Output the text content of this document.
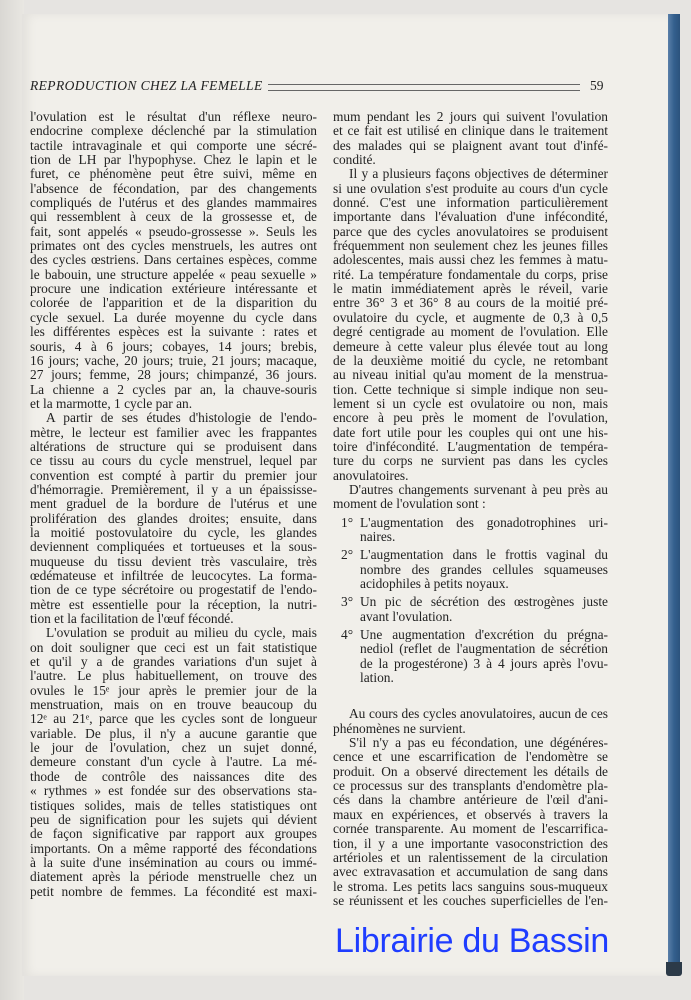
REPRODUCTION CHEZ LA FEMELLE	59
l'ovulation est le résultat d'un réflexe neuro-
endocrine complexe déclenché par la stimulation
tactile intravaginale et qui comporte une sécré-
tion de LH par l'hypophyse. Chez le lapin et le
furet, ce phénomène peut être suivi, même en
l'absence de fécondation, par des changements
compliqués de l'utérus et des glandes mammaires
qui ressemblent à ceux de la grossesse et, de
fait, sont appelés « pseudo-grossesse ». Seuls les
primates ont des cycles menstruels, les autres ont
des cycles œstriens. Dans certaines espèces, comme
le babouin, une structure appelée « peau sexuelle »
procure une indication extérieure intéressante et
colorée de l'apparition et de la disparition du
cycle sexuel. La durée moyenne du cycle dans
les différentes espèces est la suivante : rates et
souris, 4 à 6 jours; cobayes, 14 jours; brebis,
16 jours; vache, 20 jours; truie, 21 jours; macaque,
27 jours; femme, 28 jours; chimpanzé, 36 jours.
La chienne a 2 cycles par an, la chauve-souris
et la marmotte, 1 cycle par an.
A partir de ses études d'histologie de l'endo-
mètre, le lecteur est familier avec les frappantes
altérations de structure qui se produisent dans
ce tissu au cours du cycle menstruel, lequel par
convention est compté à partir du premier jour
d'hémorragie. Premièrement, il y a un épaississe-
ment graduel de la bordure de l'utérus et une
prolifération des glandes droites; ensuite, dans
la moitié postovulatoire du cycle, les glandes
deviennent compliquées et tortueuses et la sous-
muqueuse du tissu devient très vasculaire, très
œdémateuse et infiltrée de leucocytes. La forma-
tion de ce type sécrétoire ou progestatif de l'endo-
mètre est essentielle pour la réception, la nutri-
tion et la facilitation de l'œuf fécondé.
L'ovulation se produit au milieu du cycle, mais
on doit souligner que ceci est un fait statistique
et qu'il y a de grandes variations d'un sujet à
l'autre. Le plus habituellement, on trouve des
ovules le 15ᵉ jour après le premier jour de la
menstruation, mais on en trouve beaucoup du
12ᵉ au 21ᵉ, parce que les cycles sont de longueur
variable. De plus, il n'y a aucune garantie que
le jour de l'ovulation, chez un sujet donné,
demeure constant d'un cycle à l'autre. La mé-
thode de contrôle des naissances dite des
« rythmes » est fondée sur des observations sta-
tistiques solides, mais de telles statistiques ont
peu de signification pour les sujets qui dévient
de façon significative par rapport aux groupes
importants. On a même rapporté des fécondations
à la suite d'une insémination au cours ou immé-
diatement après la période menstruelle chez un
petit nombre de femmes. La fécondité est maxi-
mum pendant les 2 jours qui suivent l'ovulation
et ce fait est utilisé en clinique dans le traitement
des malades qui se plaignent avant tout d'infé-
condité.
Il y a plusieurs façons objectives de déterminer
si une ovulation s'est produite au cours d'un cycle
donné. C'est une information particulièrement
importante dans l'évaluation d'une infécondité,
parce que des cycles anovulatoires se produisent
fréquemment non seulement chez les jeunes filles
adolescentes, mais aussi chez les femmes à matu-
rité. La température fondamentale du corps, prise
le matin immédiatement après le réveil, varie
entre 36° 3 et 36° 8 au cours de la moitié pré-
ovulatoire du cycle, et augmente de 0,3 à 0,5
degré centigrade au moment de l'ovulation. Elle
demeure à cette valeur plus élevée tout au long
de la deuxième moitié du cycle, ne retombant
au niveau initial qu'au moment de la menstrua-
tion. Cette technique si simple indique non seu-
lement si un cycle est ovulatoire ou non, mais
encore à peu près le moment de l'ovulation,
date fort utile pour les couples qui ont une his-
toire d'infécondité. L'augmentation de tempéra-
ture du corps ne survient pas dans les cycles
anovulatoires.
D'autres changements survenant à peu près au
moment de l'ovulation sont :
1° L'augmentation des gonadotrophines uri-
naires.
2° L'augmentation dans le frottis vaginal du
nombre des grandes cellules squameuses
acidophiles à petits noyaux.
3° Un pic de sécrétion des œstrogènes juste
avant l'ovulation.
4° Une augmentation d'excrétion du prégna-
nediol (reflet de l'augmentation de sécrétion
de la progestérone) 3 à 4 jours après l'ovu-
lation.
Au cours des cycles anovulatoires, aucun de ces
phénomènes ne survient.
S'il n'y a pas eu fécondation, une dégénéres-
cence et une escarrification de l'endomètre se
produit. On a observé directement les détails de
ce processus sur des transplants d'endomètre pla-
cés dans la chambre antérieure de l'œil d'ani-
maux en expériences, et observés à travers la
cornée transparente. Au moment de l'escarrifica-
tion, il y a une importante vasoconstriction des
artérioles et un ralentissement de la circulation
avec extravasation et accumulation de sang dans
le stroma. Les petits lacs sanguins sous-muqueux
se réunissent et les couches superficielles de l'en-
Librairie du Bassin
